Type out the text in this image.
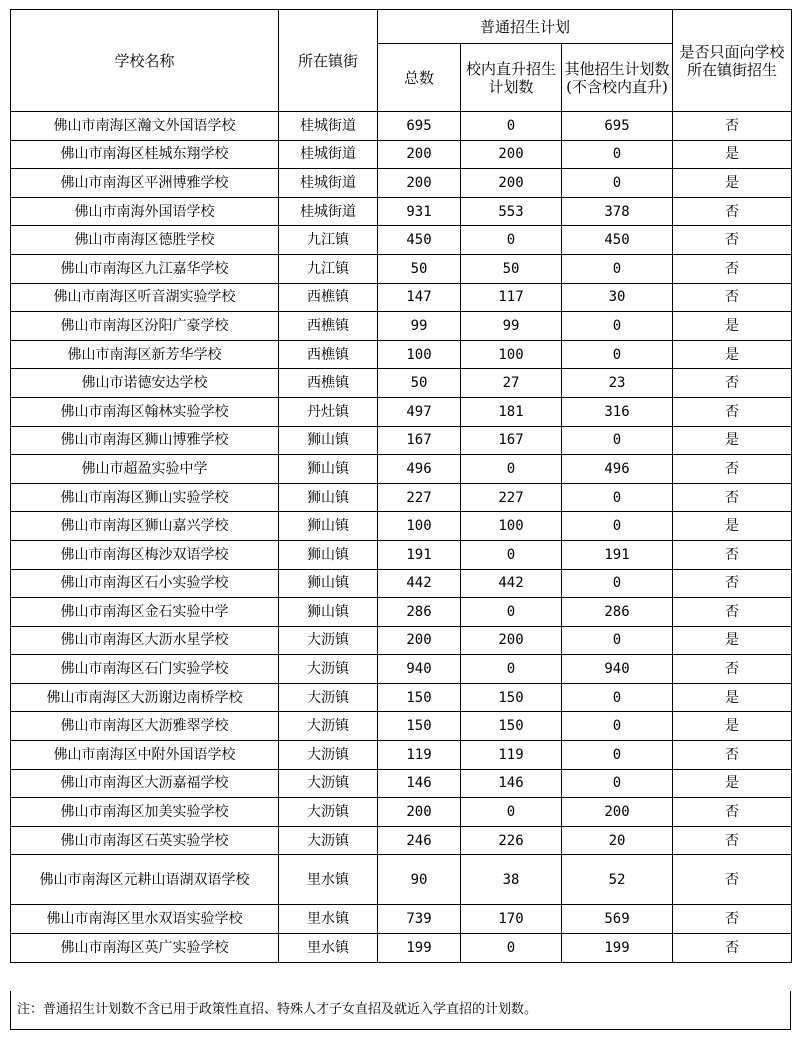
学校名称	所在镇街	普通招生计划			是否只面向学校所在镇街招生
		总数	校内直升招生计划数	其他招生计划数(不含校内直升)	
佛山市南海区瀚文外国语学校	桂城街道	695	0	695	否
佛山市南海区桂城东翔学校	桂城街道	200	200	0	是
佛山市南海区平洲博雅学校	桂城街道	200	200	0	是
佛山市南海外国语学校	桂城街道	931	553	378	否
佛山市南海区德胜学校	九江镇	450	0	450	否
佛山市南海区九江嘉华学校	九江镇	50	50	0	否
佛山市南海区听音湖实验学校	西樵镇	147	117	30	否
佛山市南海区汾阳广豪学校	西樵镇	99	99	0	是
佛山市南海区新芳华学校	西樵镇	100	100	0	是
佛山市诺德安达学校	西樵镇	50	27	23	否
佛山市南海区翰林实验学校	丹灶镇	497	181	316	否
佛山市南海区狮山博雅学校	狮山镇	167	167	0	是
佛山市超盈实验中学	狮山镇	496	0	496	否
佛山市南海区狮山实验学校	狮山镇	227	227	0	否
佛山市南海区狮山嘉兴学校	狮山镇	100	100	0	是
佛山市南海区梅沙双语学校	狮山镇	191	0	191	否
佛山市南海区石小实验学校	狮山镇	442	442	0	否
佛山市南海区金石实验中学	狮山镇	286	0	286	否
佛山市南海区大沥水星学校	大沥镇	200	200	0	是
佛山市南海区石门实验学校	大沥镇	940	0	940	否
佛山市南海区大沥谢边南桥学校	大沥镇	150	150	0	是
佛山市南海区大沥雅翠学校	大沥镇	150	150	0	是
佛山市南海区中附外国语学校	大沥镇	119	119	0	否
佛山市南海区大沥嘉福学校	大沥镇	146	146	0	是
佛山市南海区加美实验学校	大沥镇	200	0	200	否
佛山市南海区石英实验学校	大沥镇	246	226	20	否
佛山市南海区元耕山语湖双语学校	里水镇	90	38	52	否
佛山市南海区里水双语实验学校	里水镇	739	170	569	否
佛山市南海区英广实验学校	里水镇	199	0	199	否
注：普通招生计划数不含已用于政策性直招、特殊人才子女直招及就近入学直招的计划数。
